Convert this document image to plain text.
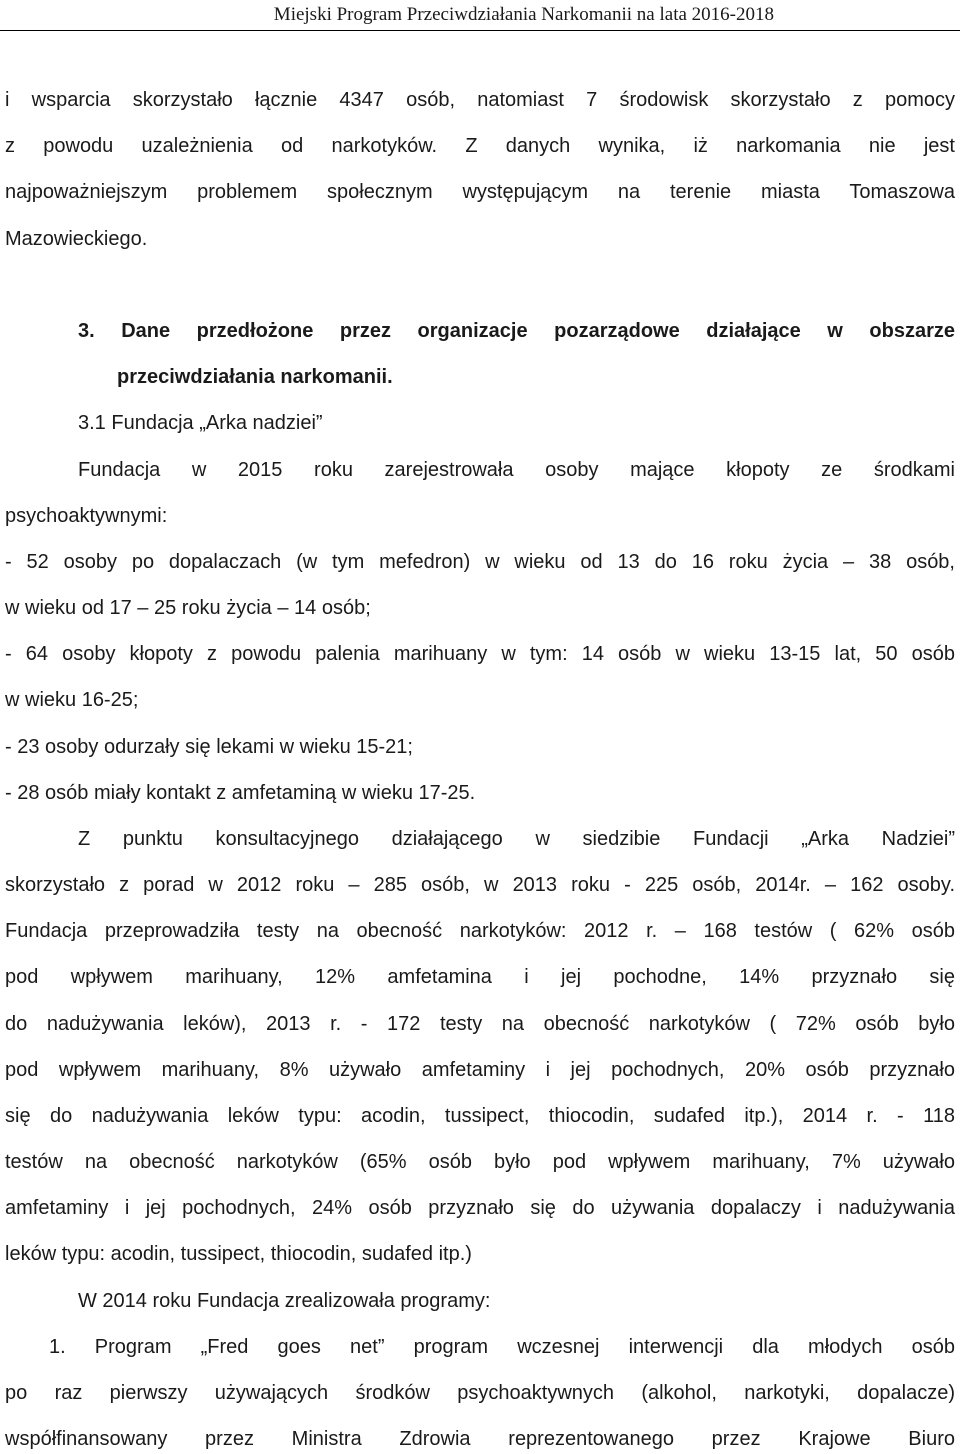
Miejski Program Przeciwdziałania Narkomanii na lata 2016-2018
i wsparcia skorzystało łącznie 4347 osób, natomiast 7 środowisk skorzystało z pomocy
z powodu uzależnienia od narkotyków. Z danych wynika, iż narkomania nie jest
najpoważniejszym problemem społecznym występującym na terenie miasta Tomaszowa
Mazowieckiego.
3. Dane przedłożone przez organizacje pozarządowe działające w obszarze
przeciwdziałania narkomanii.
3.1 Fundacja „Arka nadziei”
Fundacja w 2015 roku zarejestrowała osoby mające kłopoty ze środkami
psychoaktywnymi:
- 52 osoby po dopalaczach (w tym mefedron) w wieku od 13 do 16 roku życia – 38 osób,
w wieku od 17 – 25 roku życia – 14 osób;
- 64 osoby kłopoty z powodu palenia marihuany w tym: 14 osób w wieku 13-15 lat, 50 osób
w wieku 16-25;
- 23 osoby odurzały się lekami w wieku 15-21;
- 28 osób miały kontakt z amfetaminą w wieku 17-25.
Z punktu konsultacyjnego działającego w siedzibie Fundacji „Arka Nadziei”
skorzystało z porad w 2012 roku – 285 osób, w 2013 roku - 225 osób, 2014r. – 162 osoby.
Fundacja przeprowadziła testy na obecność narkotyków: 2012 r. – 168 testów ( 62% osób
pod wpływem marihuany, 12% amfetamina i jej pochodne, 14% przyznało się
do nadużywania leków), 2013 r. - 172 testy na obecność narkotyków ( 72% osób było
pod wpływem marihuany, 8% używało amfetaminy i jej pochodnych, 20% osób przyznało
się do nadużywania leków typu: acodin, tussipect, thiocodin, sudafed itp.), 2014 r. - 118
testów na obecność narkotyków (65% osób było pod wpływem marihuany, 7% używało
amfetaminy i jej pochodnych, 24% osób przyznało się do używania dopalaczy i nadużywania
leków typu: acodin, tussipect, thiocodin, sudafed itp.)
W 2014 roku Fundacja zrealizowała programy:
1. Program „Fred goes net” program wczesnej interwencji dla młodych osób
po raz pierwszy używających środków psychoaktywnych (alkohol, narkotyki, dopalacze)
współfinansowany przez Ministra Zdrowia reprezentowanego przez Krajowe Biuro
